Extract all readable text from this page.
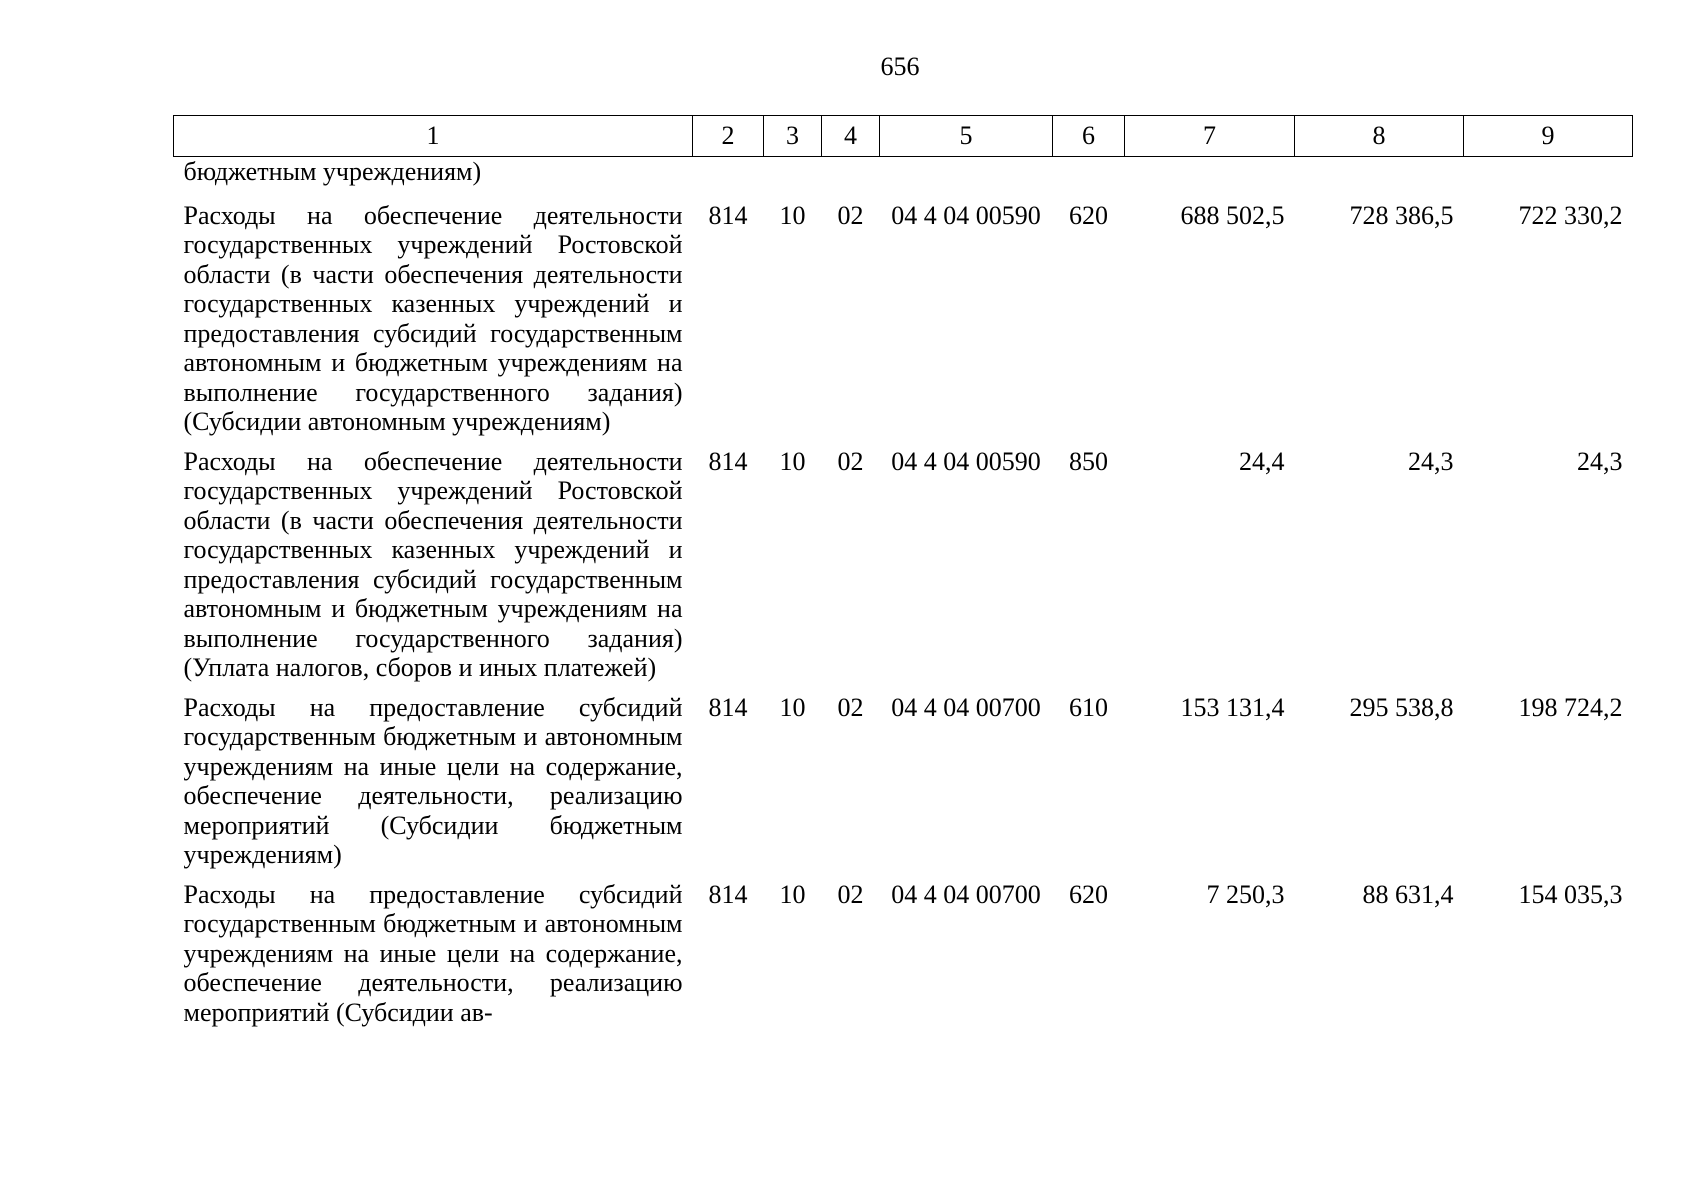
656
1	2	3	4	5	6	7	8	9
бюджетным учреждениям)								
Расходы на обеспечение деятельности государственных учреждений Ростовской области (в части обеспечения деятельности государственных казенных учреждений и предоставления субсидий государственным автономным и бюджетным учреждениям на выполнение государственного задания) (Субсидии автономным учреждениям)	814	10	02	04 4 04 00590	620	688 502,5	728 386,5	722 330,2
Расходы на обеспечение деятельности государственных учреждений Ростовской области (в части обеспечения деятельности государственных казенных учреждений и предоставления субсидий государственным автономным и бюджетным учреждениям на выполнение государственного задания) (Уплата налогов, сборов и иных платежей)	814	10	02	04 4 04 00590	850	24,4	24,3	24,3
Расходы на предоставление субсидий государственным бюджетным и автономным учреждениям на иные цели на содержание, обеспечение деятельности, реализацию мероприятий (Субсидии бюджетным учреждениям)	814	10	02	04 4 04 00700	610	153 131,4	295 538,8	198 724,2
Расходы на предоставление субсидий государственным бюджетным и автономным учреждениям на иные цели на содержание, обеспечение деятельности, реализацию мероприятий (Субсидии ав-	814	10	02	04 4 04 00700	620	7 250,3	88 631,4	154 035,3
